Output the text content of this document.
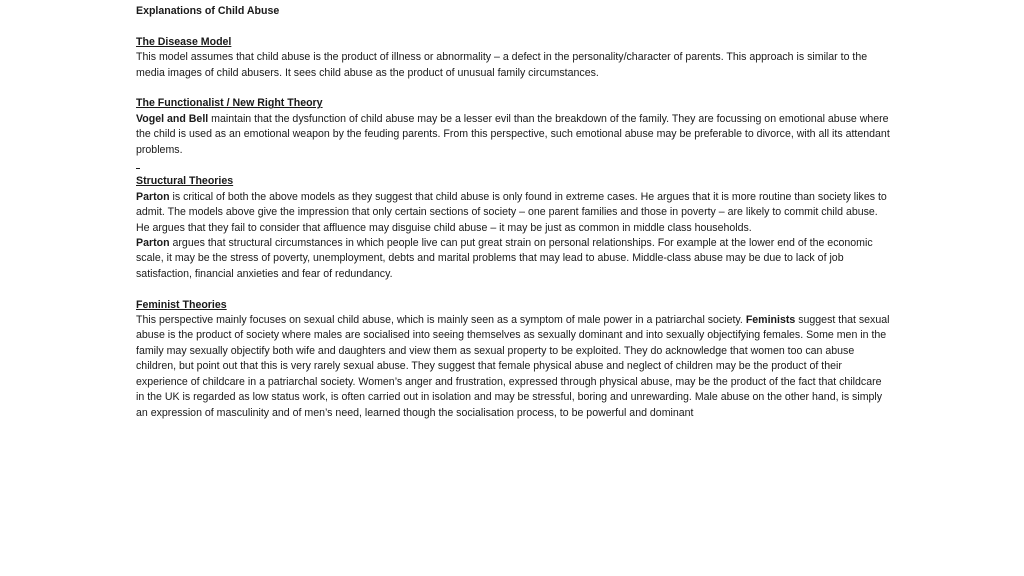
Explanations of Child Abuse

The Disease Model

This model assumes that child abuse is the product of illness or abnormality – a defect in the personality/character of parents. This approach is similar to the media images of child abusers. It sees child abuse as the product of unusual family circumstances.

The Functionalist / New Right Theory

Vogel and Bell maintain that the dysfunction of child abuse may be a lesser evil than the breakdown of the family. They are focussing on emotional abuse where the child is used as an emotional weapon by the feuding parents. From this perspective, such emotional abuse may be preferable to divorce, with all its attendant problems.

Structural Theories

Parton is critical of both the above models as they suggest that child abuse is only found in extreme cases. He argues that it is more routine than society likes to admit. The models above give the impression that only certain sections of society – one parent families and those in poverty – are likely to commit child abuse. He argues that they fail to consider that affluence may disguise child abuse – it may be just as common in middle class households.

Parton argues that structural circumstances in which people live can put great strain on personal relationships. For example at the lower end of the economic scale, it may be the stress of poverty, unemployment, debts and marital problems that may lead to abuse. Middle-class abuse may be due to lack of job satisfaction, financial anxieties and fear of redundancy.

Feminist Theories

This perspective mainly focuses on sexual child abuse, which is mainly seen as a symptom of male power in a patriarchal society. Feminists suggest that sexual abuse is the product of society where males are socialised into seeing themselves as sexually dominant and into sexually objectifying females. Some men in the family may sexually objectify both wife and daughters and view them as sexual property to be exploited. They do acknowledge that women too can abuse children, but point out that this is very rarely sexual abuse. They suggest that female physical abuse and neglect of children may be the product of their experience of childcare in a patriarchal society. Women’s anger and frustration, expressed through physical abuse, may be the product of the fact that childcare in the UK is regarded as low status work, is often carried out in isolation and may be stressful, boring and unrewarding. Male abuse on the other hand, is simply an expression of masculinity and of men’s need, learned though the socialisation process, to be powerful and dominant
